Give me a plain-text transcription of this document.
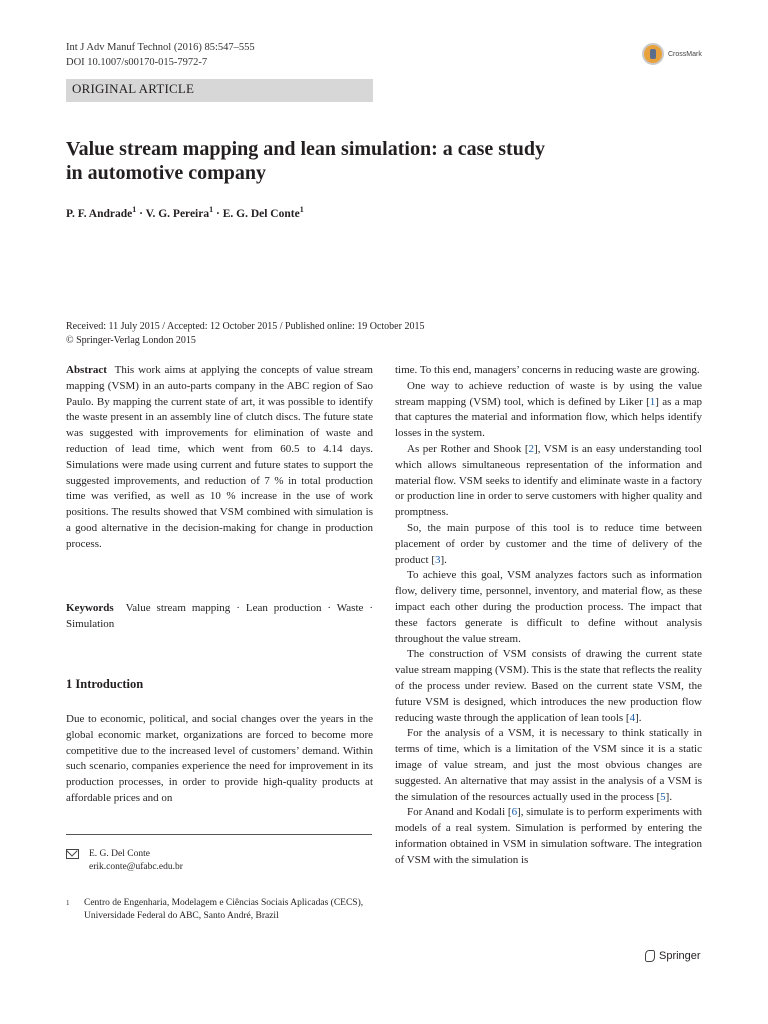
Int J Adv Manuf Technol (2016) 85:547–555
DOI 10.1007/s00170-015-7972-7
CrossMark
ORIGINAL ARTICLE
Value stream mapping and lean simulation: a case study
in automotive company
P. F. Andrade$^1$ · V. G. Pereira$^1$ · E. G. Del Conte$^1$
Received: 11 July 2015 / Accepted: 12 October 2015 / Published online: 19 October 2015
© Springer-Verlag London 2015
Abstract This work aims at applying the concepts of value stream mapping (VSM) in an auto-parts company in the ABC region of Sao Paulo. By mapping the current state of art, it was possible to identify the waste present in an assembly line of clutch discs. The future state was suggested with improvements for elimination of waste and reduction of lead time, which went from 60.5 to 4.14 days. Simulations were made using current and future states to support the suggested improvements, and reduction of 7 % in total production time was verified, as well as 10 % increase in the use of work positions. The results showed that VSM combined with simulation is a good alternative in the decision-making for change in production process.
Keywords Value stream mapping · Lean production · Waste · Simulation
1 Introduction

Due to economic, political, and social changes over the years in the global economic market, organizations are forced to become more competitive due to the increased level of customers’ demand. Within such scenario, companies experience the need for improvement in its production processes, in order to provide high-quality products at affordable prices and on

E. G. Del Conte
erik.conte@ufabc.edu.br
1 Centro de Engenharia, Modelagem e Ciências Sociais Aplicadas (CECS), Universidade Federal do ABC, Santo André, Brazil

time. To this end, managers’ concerns in reducing waste are growing.

One way to achieve reduction of waste is by using the value stream mapping (VSM) tool, which is defined by Liker [1] as a map that captures the material and information flow, which helps identify losses in the system.

As per Rother and Shook [2], VSM is an easy understanding tool which allows simultaneous representation of the information and material flow. VSM seeks to identify and eliminate waste in a factory or production line in order to serve customers with higher quality and promptness.

So, the main purpose of this tool is to reduce time between placement of order by customer and the time of delivery of the product [3].

To achieve this goal, VSM analyzes factors such as information flow, delivery time, personnel, inventory, and material flow, as these impact each other during the production process. The impact that these factors generate is difficult to define without analysis throughout the value stream.

The construction of VSM consists of drawing the current state value stream mapping (VSM). This is the state that reflects the reality of the process under review. Based on the current state VSM, the future VSM is designed, which introduces the new production flow reducing waste through the application of lean tools [4].

For the analysis of a VSM, it is necessary to think statically in terms of time, which is a limitation of the VSM since it is a static image of value stream, and just the most obvious changes are suggested. An alternative that may assist in the analysis of a VSM is the simulation of the resources actually used in the process [5].

For Anand and Kodali [6], simulate is to perform experiments with models of a real system. Simulation is performed by entering the information obtained in VSM in simulation software. The integration of VSM with the simulation is

Springer
